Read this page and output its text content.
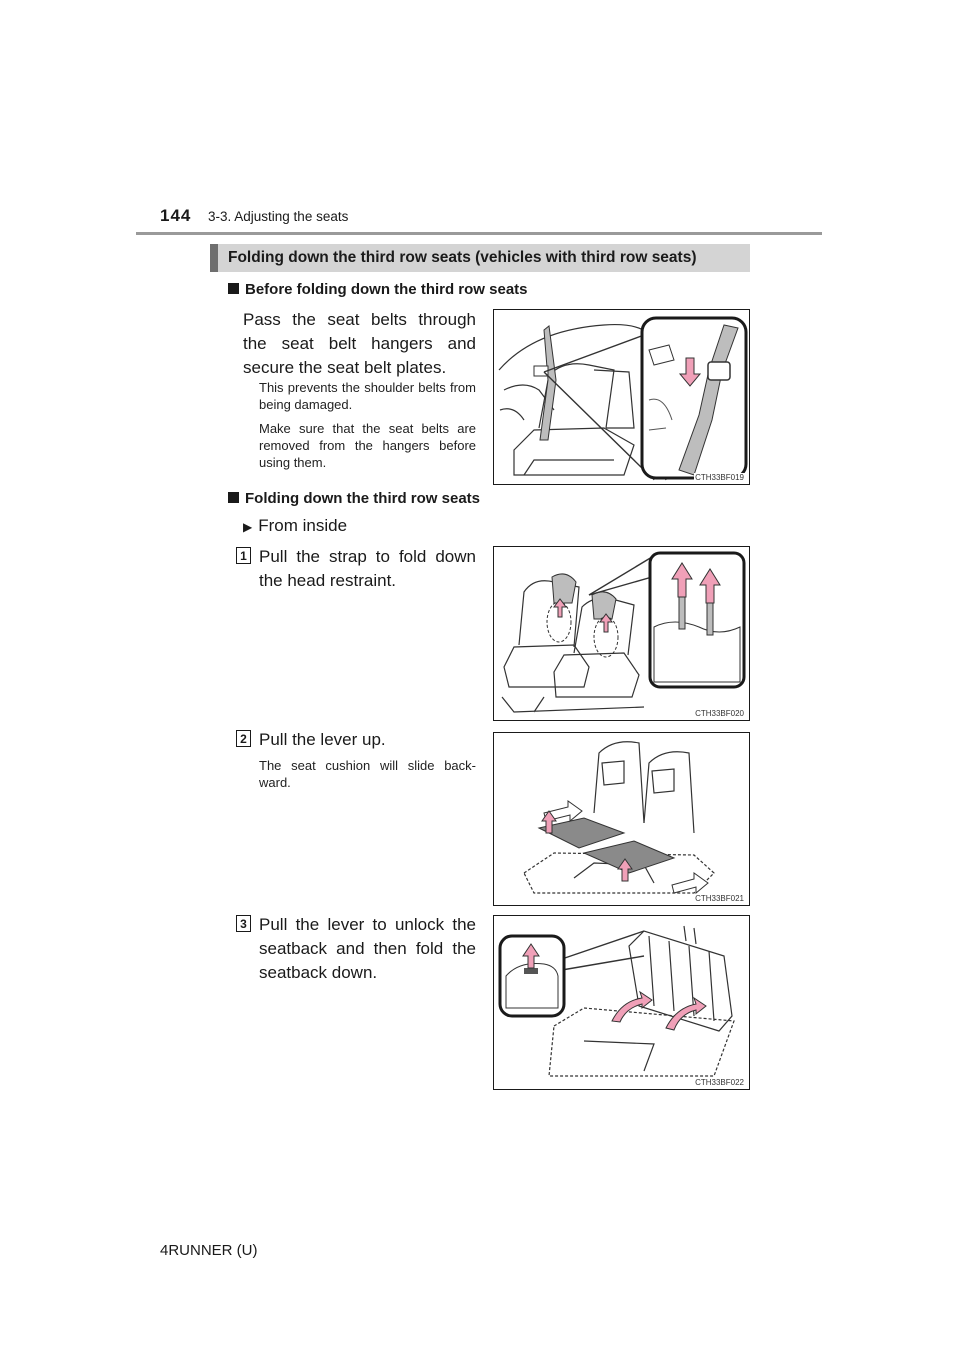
144 3-3. Adjusting the seats
Folding down the third row seats (vehicles with third row seats)
Before folding down the third row seats
Pass the seat belts through the seat belt hangers and secure the seat belt plates.
This prevents the shoulder belts from being damaged.
Make sure that the seat belts are removed from the hangers before using them.
CTH33BF019
Folding down the third row seats
▶ From inside
1 Pull the strap to fold down the head restraint.
CTH33BF020
2 Pull the lever up.
The seat cushion will slide back-ward.
CTH33BF021
3 Pull the lever to unlock the seatback and then fold the seatback down.
CTH33BF022
4RUNNER (U)
